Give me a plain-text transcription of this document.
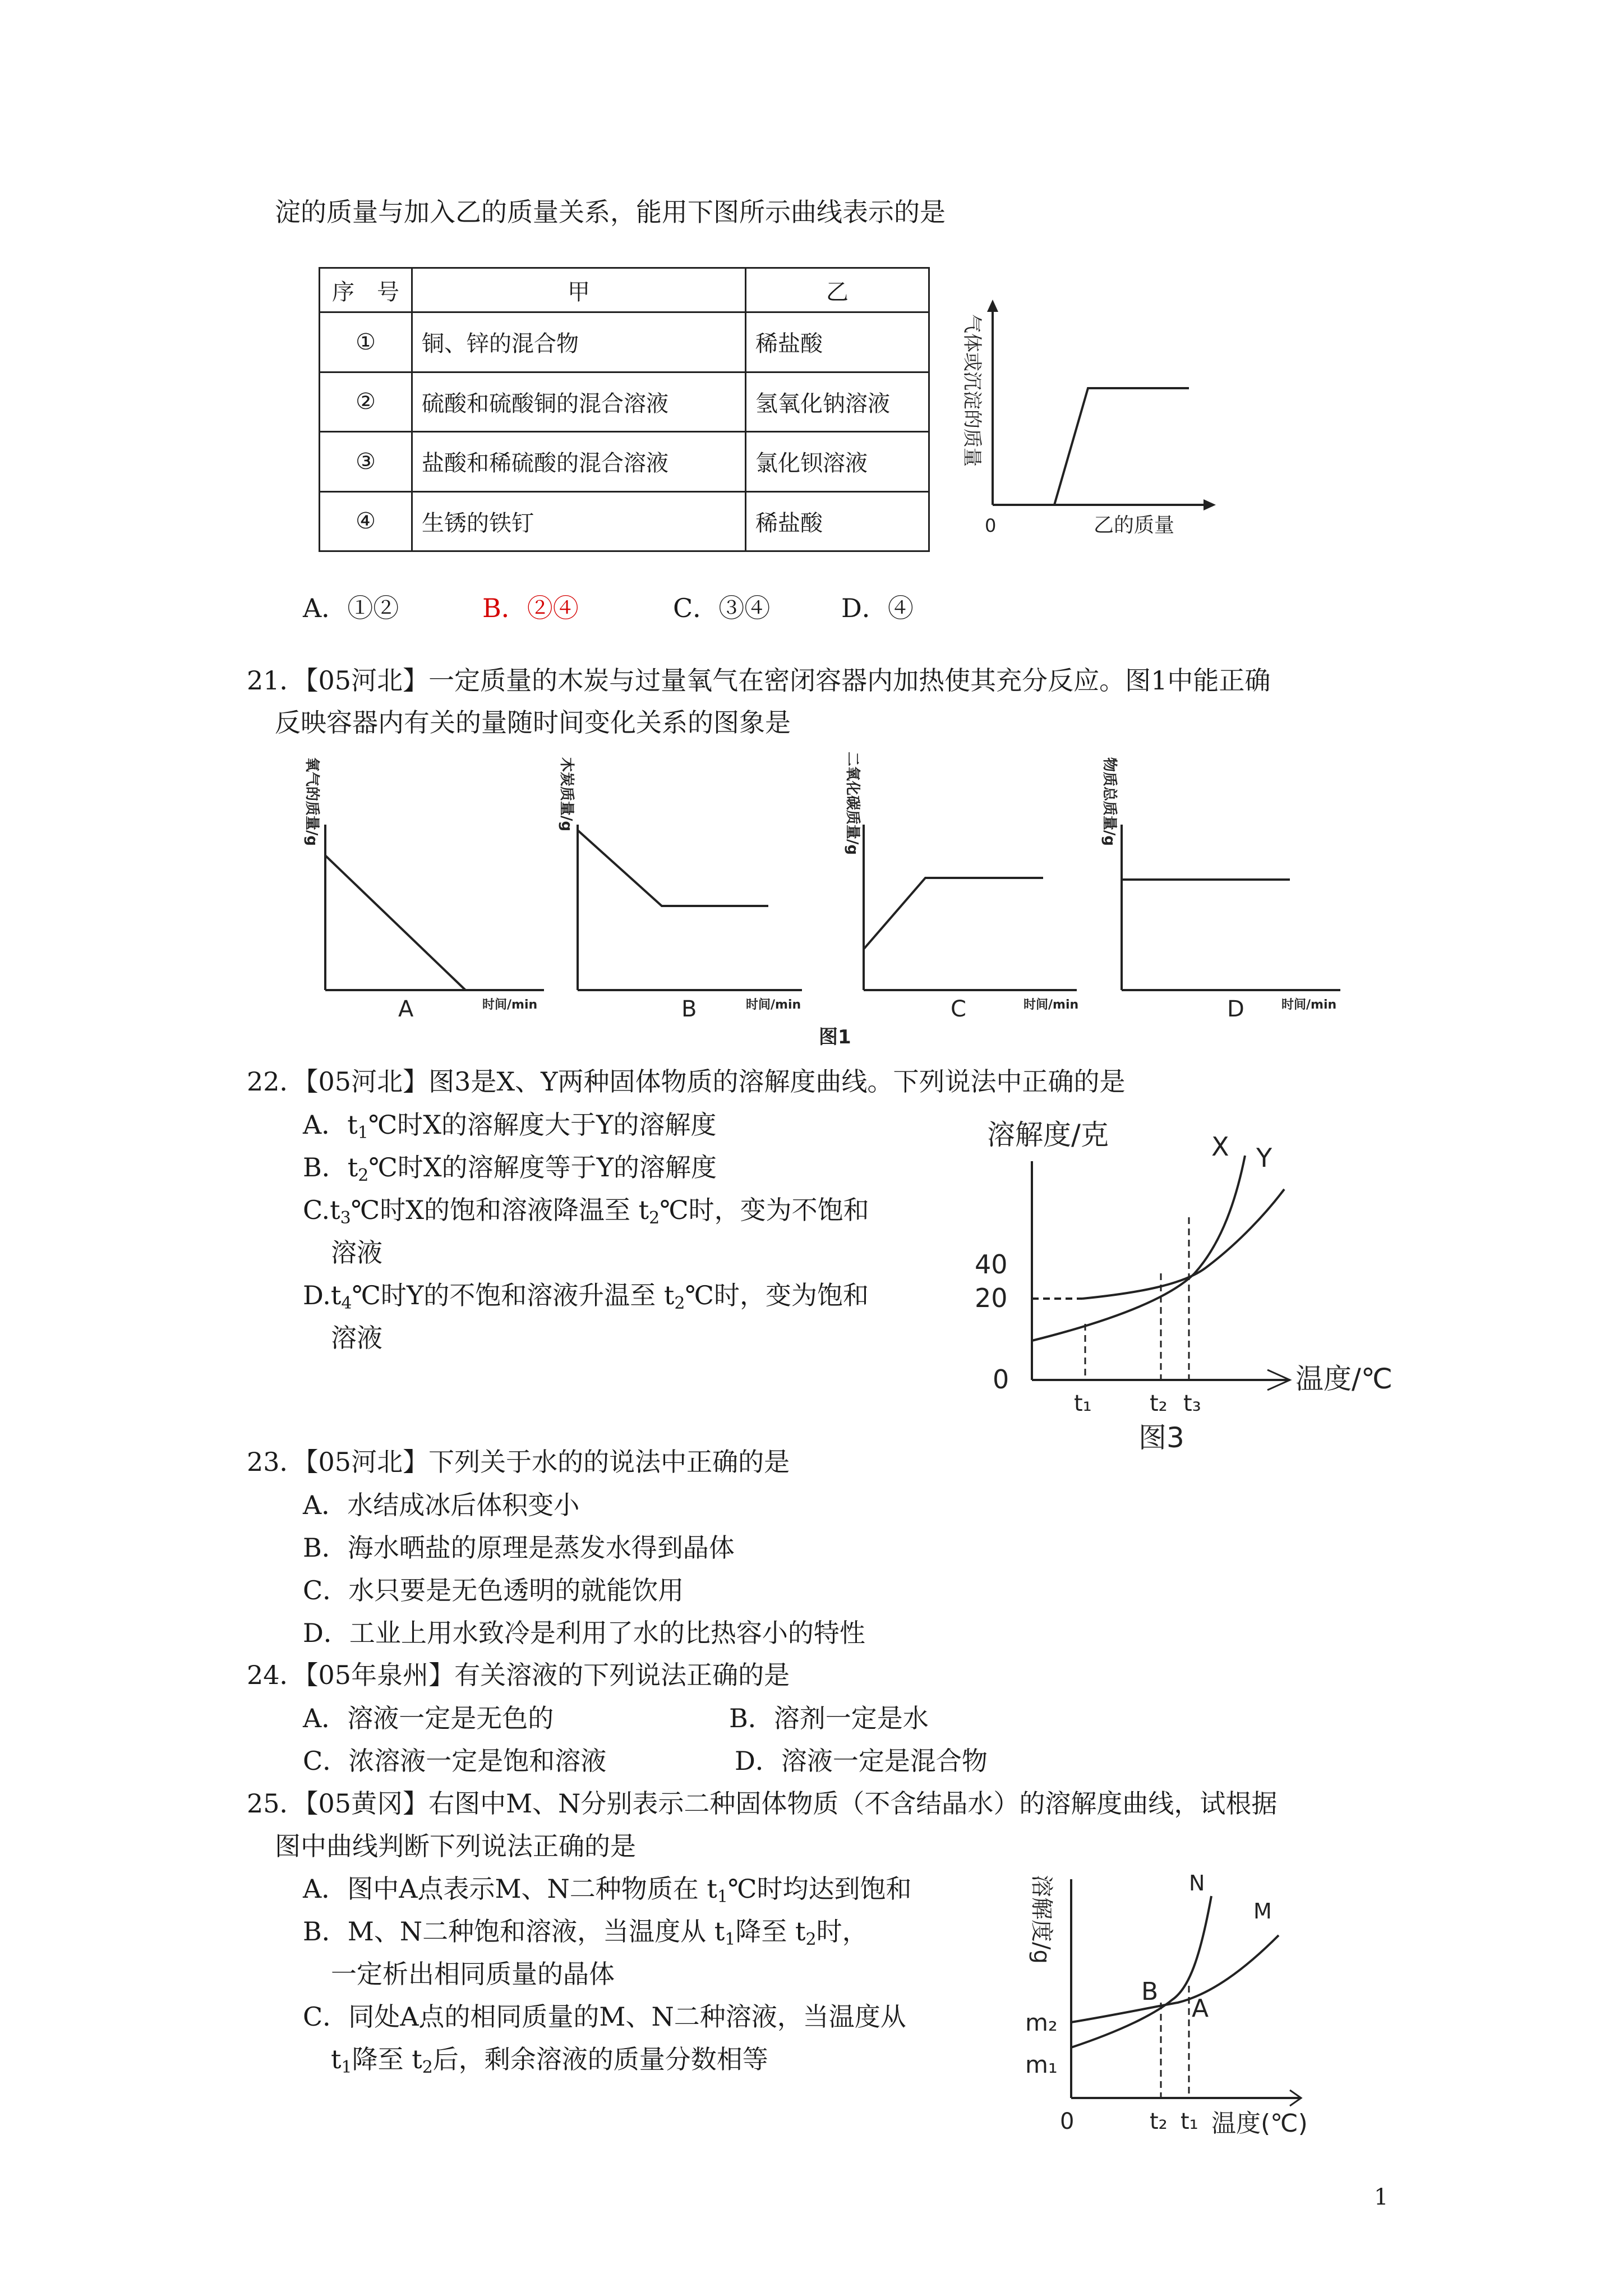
淀的质量与加入乙的质量关系，能用下图所示曲线表示的是

序　号	甲	乙
①	铜、锌的混合物	稀盐酸
②	硫酸和硫酸铜的混合溶液	氢氧化钠溶液
③	盐酸和稀硫酸的混合溶液	氯化钡溶液
④	生锈的铁钉	稀盐酸
气体或沉淀的质量
0	乙的质量
A．①②	B．②④	C．③④	D．④

21．【05河北】一定质量的木炭与过量氧气在密闭容器内加热使其充分反应。图1中能正确

反映容器内有关的量随时间变化关系的图象是

氧气的质量/g
时间/min
A
木炭质量/g
时间/min
B
二氧化碳质量/g
时间/min
C
图1
物质总质量/g
时间/min
D

22．【05河北】图3是X、Y两种固体物质的溶解度曲线。下列说法中正确的是

A．$t_1℃$时X的溶解度大于Y的溶解度

B．$t_2℃$时X的溶解度等于Y的溶解度

$C.t_3℃$时X的饱和溶液降温至 $t_2℃$时，变为不饱和

溶液

$D.t_4℃$时Y的不饱和溶液升温至 $t_2℃$时，变为饱和

溶液

溶解度/克	X Y
40
20
0
t₁	t₂ t₃
温度/℃
图3

23．【05河北】下列关于水的的说法中正确的是

A．水结成冰后体积变小

B．海水晒盐的原理是蒸发水得到晶体

C．水只要是无色透明的就能饮用

D．工业上用水致冷是利用了水的比热容小的特性

24．【05年泉州】有关溶液的下列说法正确的是

A．溶液一定是无色的	B．溶剂一定是水

C．浓溶液一定是饱和溶液	D．溶液一定是混合物

25．【05黄冈】右图中M、N分别表示二种固体物质（不含结晶水）的溶解度曲线，试根据

图中曲线判断下列说法正确的是

A．图中A点表示M、N二种物质在 $t_1℃$时均达到饱和

B．M、N二种饱和溶液，当温度从 $t_1$降至 $t_2$时，

一定析出相同质量的晶体

C．同处A点的相同质量的M、N二种溶液，当温度从

$t_1$降至 $t_2$后，剩余溶液的质量分数相等

溶解度/g	N
M
B
A
m₂
m₁
0	t₂ t₁ 温度(℃)

1
